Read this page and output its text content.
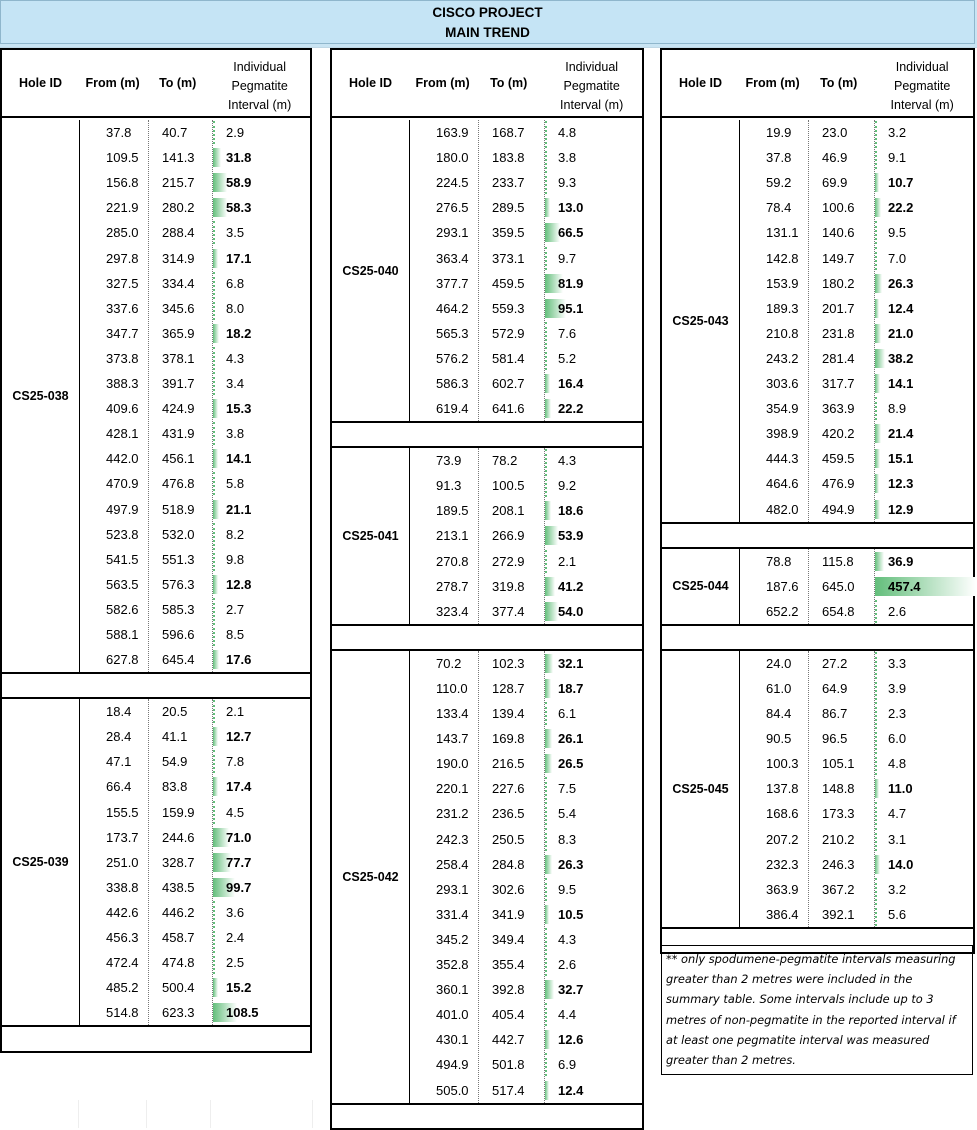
CISCO PROJECT
MAIN TREND
Hole ID	From (m)	To (m)
Individual
Pegmatite
Interval (m)
CS25-038
37.8 40.7	2.9
109.5 141.3 31.8
156.8 215.7 58.9
221.9 280.2 58.3
285.0 288.4 3.5
297.8 314.9 17.1
327.5 334.4 6.8
337.6 345.6 8.0
347.7 365.9 18.2
373.8 378.1 4.3
388.3 391.7 3.4
409.6 424.9 15.3
428.1 431.9 3.8
442.0 456.1 14.1
470.9 476.8 5.8
497.9 518.9 21.1
523.8 532.0 8.2
541.5 551.3 9.8
563.5 576.3 12.8
582.6 585.3 2.7
588.1 596.6 8.5
627.8 645.4 17.6
CS25-039
18.4 20.5	2.1
28.4 41.1	12.7
47.1 54.9	7.8
66.4 83.8	17.4
155.5 159.9 4.5
173.7 244.6 71.0
251.0 328.7 77.7
338.8 438.5 99.7
442.6 446.2 3.6
456.3 458.7 2.4
472.4 474.8 2.5
485.2 500.4 15.2
514.8 623.3 108.5
Hole ID	From (m)	To (m)
Individual
Pegmatite
Interval (m)
CS25-040
163.9 168.7	4.8
180.0 183.8	3.8
224.5 233.7	9.3
276.5 289.5	13.0
293.1 359.5	66.5
363.4 373.1	9.7
377.7 459.5	81.9
464.2 559.3	95.1
565.3 572.9	7.6
576.2 581.4	5.2
586.3 602.7	16.4
619.4 641.6	22.2
CS25-041
73.9 78.2	4.3
91.3 100.5	9.2
189.5 208.1	18.6
213.1 266.9	53.9
270.8 272.9	2.1
278.7 319.8	41.2
323.4 377.4	54.0
CS25-042
70.2 102.3	32.1
110.0 128.7	18.7
133.4 139.4	6.1
143.7 169.8	26.1
190.0 216.5	26.5
220.1 227.6	7.5
231.2 236.5	5.4
242.3 250.5	8.3
258.4 284.8	26.3
293.1 302.6	9.5
331.4 341.9	10.5
345.2 349.4	4.3
352.8 355.4	2.6
360.1 392.8	32.7
401.0 405.4	4.4
430.1 442.7	12.6
494.9 501.8	6.9
505.0 517.4	12.4
Hole ID	From (m)	To (m)
Individual
Pegmatite
Interval (m)
CS25-043
19.9 23.0	3.2
37.8 46.9	9.1
59.2 69.9	10.7
78.4 100.6	22.2
131.1 140.6	9.5
142.8 149.7	7.0
153.9 180.2	26.3
189.3 201.7	12.4
210.8 231.8	21.0
243.2 281.4	38.2
303.6 317.7	14.1
354.9 363.9	8.9
398.9 420.2	21.4
444.3 459.5	15.1
464.6 476.9	12.3
482.0 494.9	12.9
CS25-044
78.8 115.8	36.9
187.6 645.0	457.4
652.2 654.8	2.6
CS25-045
24.0 27.2	3.3
61.0 64.9	3.9
84.4 86.7	2.3
90.5 96.5	6.0
100.3 105.1	4.8
137.8 148.8	11.0
168.6 173.3	4.7
207.2 210.2	3.1
232.3 246.3	14.0
363.9 367.2	3.2
386.4 392.1	5.6
** only spodumene-pegmatite intervals measuring greater than 2 metres were included in the summary table. Some intervals include up to 3 metres of non-pegmatite in the reported interval if at least one pegmatite interval was measured greater than 2 metres.
